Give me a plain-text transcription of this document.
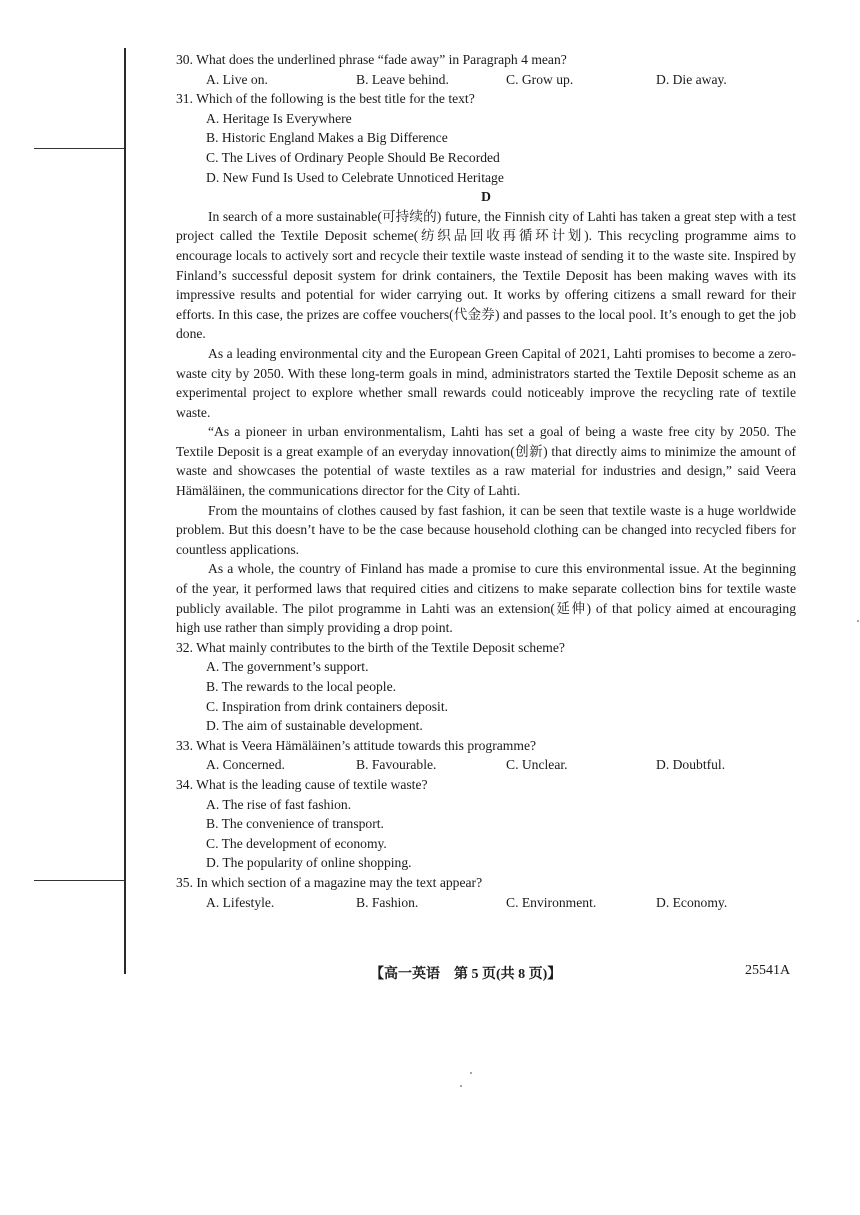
30. What does the underlined phrase “fade away” in Paragraph 4 mean?
A. Live on.	B. Leave behind.	C. Grow up.	D. Die away.
31. Which of the following is the best title for the text?
A. Heritage Is Everywhere
B. Historic England Makes a Big Difference
C. The Lives of Ordinary People Should Be Recorded
D. New Fund Is Used to Celebrate Unnoticed Heritage
D

In search of a more sustainable(可持续的) future, the Finnish city of Lahti has taken a great step with a test project called the Textile Deposit scheme(纺织品回收再循环计划). This recycling programme aims to encourage locals to actively sort and recycle their textile waste instead of sending it to the waste site. Inspired by Finland’s successful deposit system for drink containers, the Textile Deposit has been making waves with its impressive results and potential for wider carrying out. It works by offering citizens a small reward for their efforts. In this case, the prizes are coffee vouchers(代金券) and passes to the local pool. It’s enough to get the job done.

As a leading environmental city and the European Green Capital of 2021, Lahti promises to become a zero-waste city by 2050. With these long-term goals in mind, administrators started the Textile Deposit scheme as an experimental project to explore whether small rewards could noticeably improve the recycling rate of textile waste.

“As a pioneer in urban environmentalism, Lahti has set a goal of being a waste free city by 2050. The Textile Deposit is a great example of an everyday innovation(创新) that directly aims to minimize the amount of waste and showcases the potential of waste textiles as a raw material for industries and design,” said Veera Hämäläinen, the communications director for the City of Lahti.

From the mountains of clothes caused by fast fashion, it can be seen that textile waste is a huge worldwide problem. But this doesn’t have to be the case because household clothing can be changed into recycled fibers for countless applications.

As a whole, the country of Finland has made a promise to cure this environmental issue. At the beginning of the year, it performed laws that required cities and citizens to make separate collection bins for textile waste publicly available. The pilot programme in Lahti was an extension(延伸) of that policy aimed at encouraging high use rather than simply providing a drop point.

32. What mainly contributes to the birth of the Textile Deposit scheme?
A. The government’s support.
B. The rewards to the local people.
C. Inspiration from drink containers deposit.
D. The aim of sustainable development.
33. What is Veera Hämäläinen’s attitude towards this programme?
A. Concerned.	B. Favourable.	C. Unclear.	D. Doubtful.
34. What is the leading cause of textile waste?
A. The rise of fast fashion.
B. The convenience of transport.
C. The development of economy.
D. The popularity of online shopping.
35. In which section of a magazine may the text appear?
A. Lifestyle.	B. Fashion.	C. Environment.	D. Economy.
【高一英语　第 5 页(共 8 页)】	25541A
